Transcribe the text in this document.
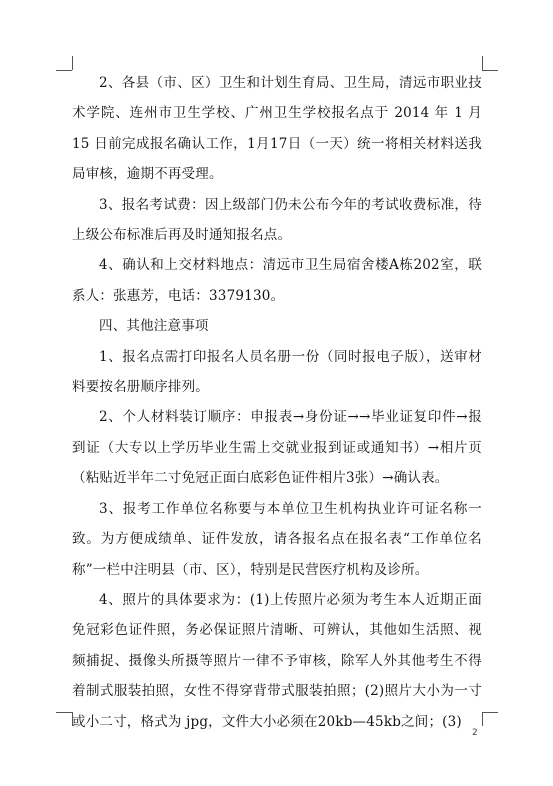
2、各县（市、区）卫生和计划生育局、卫生局，清远市职业技术学院、连州市卫生学校、广州卫生学校报名点于 2014 年 1 月 15 日前完成报名确认工作，1月17日（一天）统一将相关材料送我局审核，逾期不再受理。

3、报名考试费：因上级部门仍未公布今年的考试收费标准，待上级公布标准后再及时通知报名点。

4、确认和上交材料地点：清远市卫生局宿舍楼A栋202室，联系人：张惠芳，电话：3379130。

四、其他注意事项

1、报名点需打印报名人员名册一份（同时报电子版），送审材料要按名册顺序排列。

2、个人材料装订顺序：申报表→身份证→→毕业证复印件→报到证（大专以上学历毕业生需上交就业报到证或通知书）→相片页（粘贴近半年二寸免冠正面白底彩色证件相片3张）→确认表。

3、报考工作单位名称要与本单位卫生机构执业许可证名称一致。为方便成绩单、证件发放，请各报名点在报名表“工作单位名称”一栏中注明县（市、区），特别是民营医疗机构及诊所。

4、照片的具体要求为：(1)上传照片必须为考生本人近期正面免冠彩色证件照，务必保证照片清晰、可辨认，其他如生活照、视频捕捉、摄像头所摄等照片一律不予审核，除军人外其他考生不得着制式服装拍照，女性不得穿背带式服装拍照；(2)照片大小为一寸或小二寸，格式为 jpg，文件大小必须在20kb—45kb之间；(3)

2
